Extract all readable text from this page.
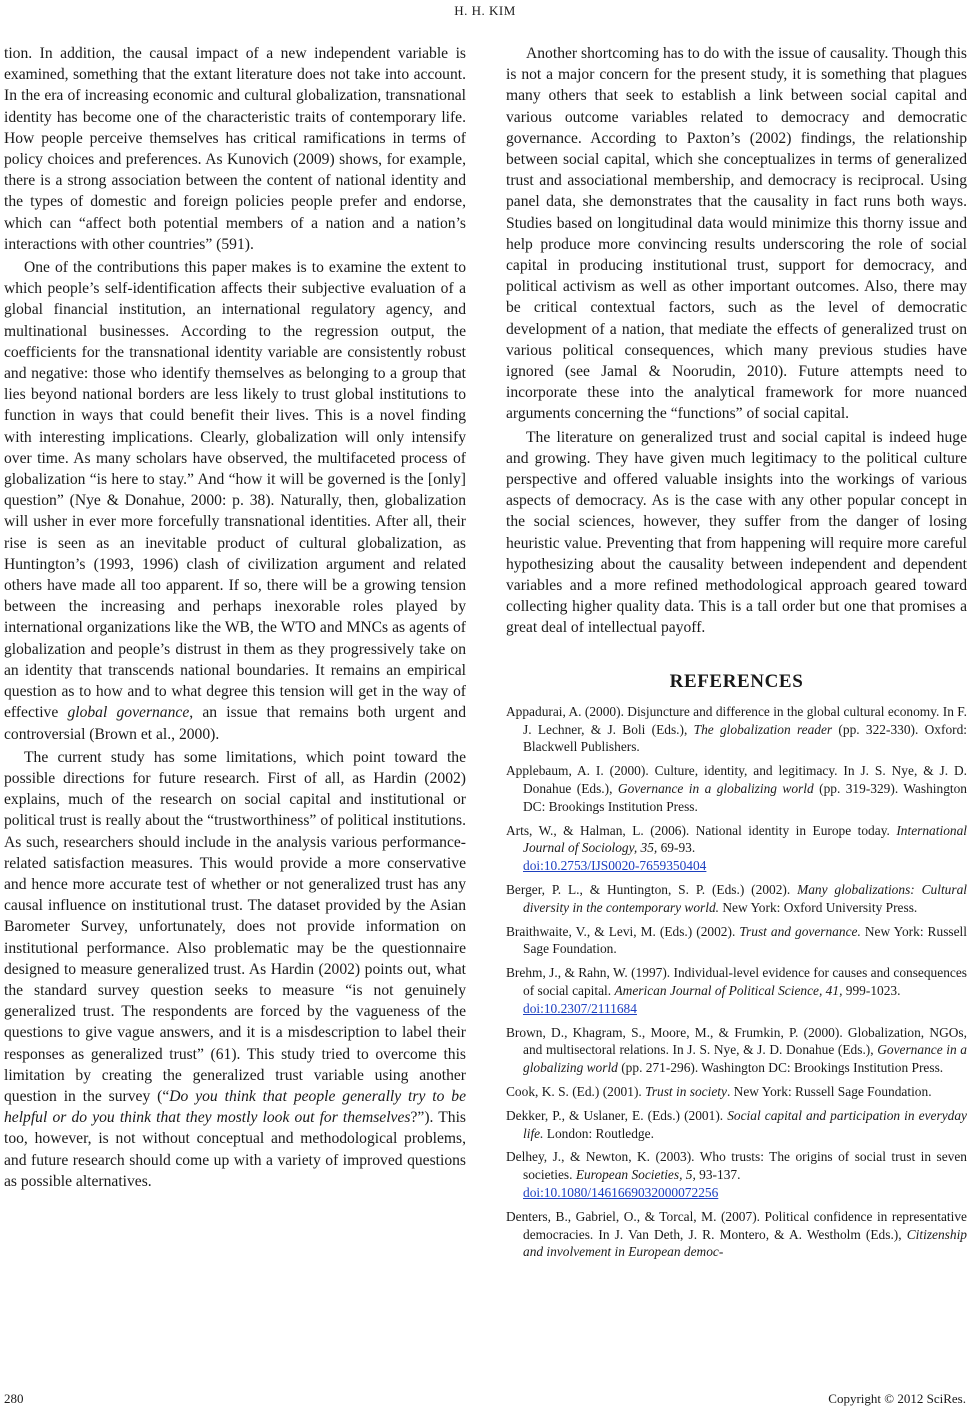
H. H. KIM

tion. In addition, the causal impact of a new independent variable is examined, something that the extant literature does not take into account. In the era of increasing economic and cultural globalization, transnational identity has become one of the characteristic traits of contemporary life. How people perceive themselves has critical ramifications in terms of policy choices and preferences. As Kunovich (2009) shows, for example, there is a strong association between the content of national identity and the types of domestic and foreign policies people prefer and endorse, which can “affect both potential members of a nation and a nation’s interactions with other countries” (591).

One of the contributions this paper makes is to examine the extent to which people’s self-identification affects their subjective evaluation of a global financial institution, an international regulatory agency, and multinational businesses. According to the regression output, the coefficients for the transnational identity variable are consistently robust and negative: those who identify themselves as belonging to a group that lies beyond national borders are less likely to trust global institutions to function in ways that could benefit their lives. This is a novel finding with interesting implications. Clearly, globalization will only intensify over time. As many scholars have observed, the multifaceted process of globalization “is here to stay.” And “how it will be governed is the [only] question” (Nye & Donahue, 2000: p. 38). Naturally, then, globalization will usher in ever more forcefully transnational identities. After all, their rise is seen as an inevitable product of cultural globalization, as Huntington’s (1993, 1996) clash of civilization argument and related others have made all too apparent. If so, there will be a growing tension between the increasing and perhaps inexorable roles played by international organizations like the WB, the WTO and MNCs as agents of globalization and people’s distrust in them as they progressively take on an identity that transcends national boundaries. It remains an empirical question as to how and to what degree this tension will get in the way of effective global governance, an issue that remains both urgent and controversial (Brown et al., 2000).

The current study has some limitations, which point toward the possible directions for future research. First of all, as Hardin (2002) explains, much of the research on social capital and institutional or political trust is really about the “trustworthiness” of political institutions. As such, researchers should include in the analysis various performance-related satisfaction measures. This would provide a more conservative and hence more accurate test of whether or not generalized trust has any causal influence on institutional trust. The dataset provided by the Asian Barometer Survey, unfortunately, does not provide information on institutional performance. Also problematic may be the questionnaire designed to measure generalized trust. As Hardin (2002) points out, what the standard survey question seeks to measure “is not genuinely generalized trust. The respondents are forced by the vagueness of the questions to give vague answers, and it is a misdescription to label their responses as generalized trust” (61). This study tried to overcome this limitation by creating the generalized trust variable using another question in the survey (“Do you think that people generally try to be helpful or do you think that they mostly look out for themselves?”). This too, however, is not without conceptual and methodological problems, and future research should come up with a variety of improved questions as possible alternatives.

Another shortcoming has to do with the issue of causality. Though this is not a major concern for the present study, it is something that plagues many others that seek to establish a link between social capital and various outcome variables related to democracy and democratic governance. According to Paxton’s (2002) findings, the relationship between social capital, which she conceptualizes in terms of generalized trust and associational membership, and democracy is reciprocal. Using panel data, she demonstrates that the causality in fact runs both ways. Studies based on longitudinal data would minimize this thorny issue and help produce more convincing results underscoring the role of social capital in producing institutional trust, support for democracy, and political activism as well as other important outcomes. Also, there may be critical contextual factors, such as the level of democratic development of a nation, that mediate the effects of generalized trust on various political consequences, which many previous studies have ignored (see Jamal & Noorudin, 2010). Future attempts need to incorporate these into the analytical framework for more nuanced arguments concerning the “functions” of social capital.

The literature on generalized trust and social capital is indeed huge and growing. They have given much legitimacy to the political culture perspective and offered valuable insights into the workings of various aspects of democracy. As is the case with any other popular concept in the social sciences, however, they suffer from the danger of losing heuristic value. Preventing that from happening will require more careful hypothesizing about the causality between independent and dependent variables and a more refined methodological approach geared toward collecting higher quality data. This is a tall order but one that promises a great deal of intellectual payoff.

REFERENCES
Appadurai, A. (2000). Disjuncture and difference in the global cultural economy. In F. J. Lechner, & J. Boli (Eds.), The globalization reader (pp. 322-330). Oxford: Blackwell Publishers.
Applebaum, A. I. (2000). Culture, identity, and legitimacy. In J. S. Nye, & J. D. Donahue (Eds.), Governance in a globalizing world (pp. 319-329). Washington DC: Brookings Institution Press.
Arts, W., & Halman, L. (2006). National identity in Europe today. International Journal of Sociology, 35, 69-93.
doi:10.2753/IJS0020-7659350404
Berger, P. L., & Huntington, S. P. (Eds.) (2002). Many globalizations: Cultural diversity in the contemporary world. New York: Oxford University Press.
Braithwaite, V., & Levi, M. (Eds.) (2002). Trust and governance. New York: Russell Sage Foundation.
Brehm, J., & Rahn, W. (1997). Individual-level evidence for causes and consequences of social capital. American Journal of Political Science, 41, 999-1023.
doi:10.2307/2111684
Brown, D., Khagram, S., Moore, M., & Frumkin, P. (2000). Globalization, NGOs, and multisectoral relations. In J. S. Nye, & J. D. Donahue (Eds.), Governance in a globalizing world (pp. 271-296). Washington DC: Brookings Institution Press.
Cook, K. S. (Ed.) (2001). Trust in society. New York: Russell Sage Foundation.
Dekker, P., & Uslaner, E. (Eds.) (2001). Social capital and participation in everyday life. London: Routledge.
Delhey, J., & Newton, K. (2003). Who trusts: The origins of social trust in seven societies. European Societies, 5, 93-137.
doi:10.1080/1461669032000072256
Denters, B., Gabriel, O., & Torcal, M. (2007). Political confidence in representative democracies. In J. Van Deth, J. R. Montero, & A. Westholm (Eds.), Citizenship and involvement in European democ-
280	Copyright © 2012 SciRes.
